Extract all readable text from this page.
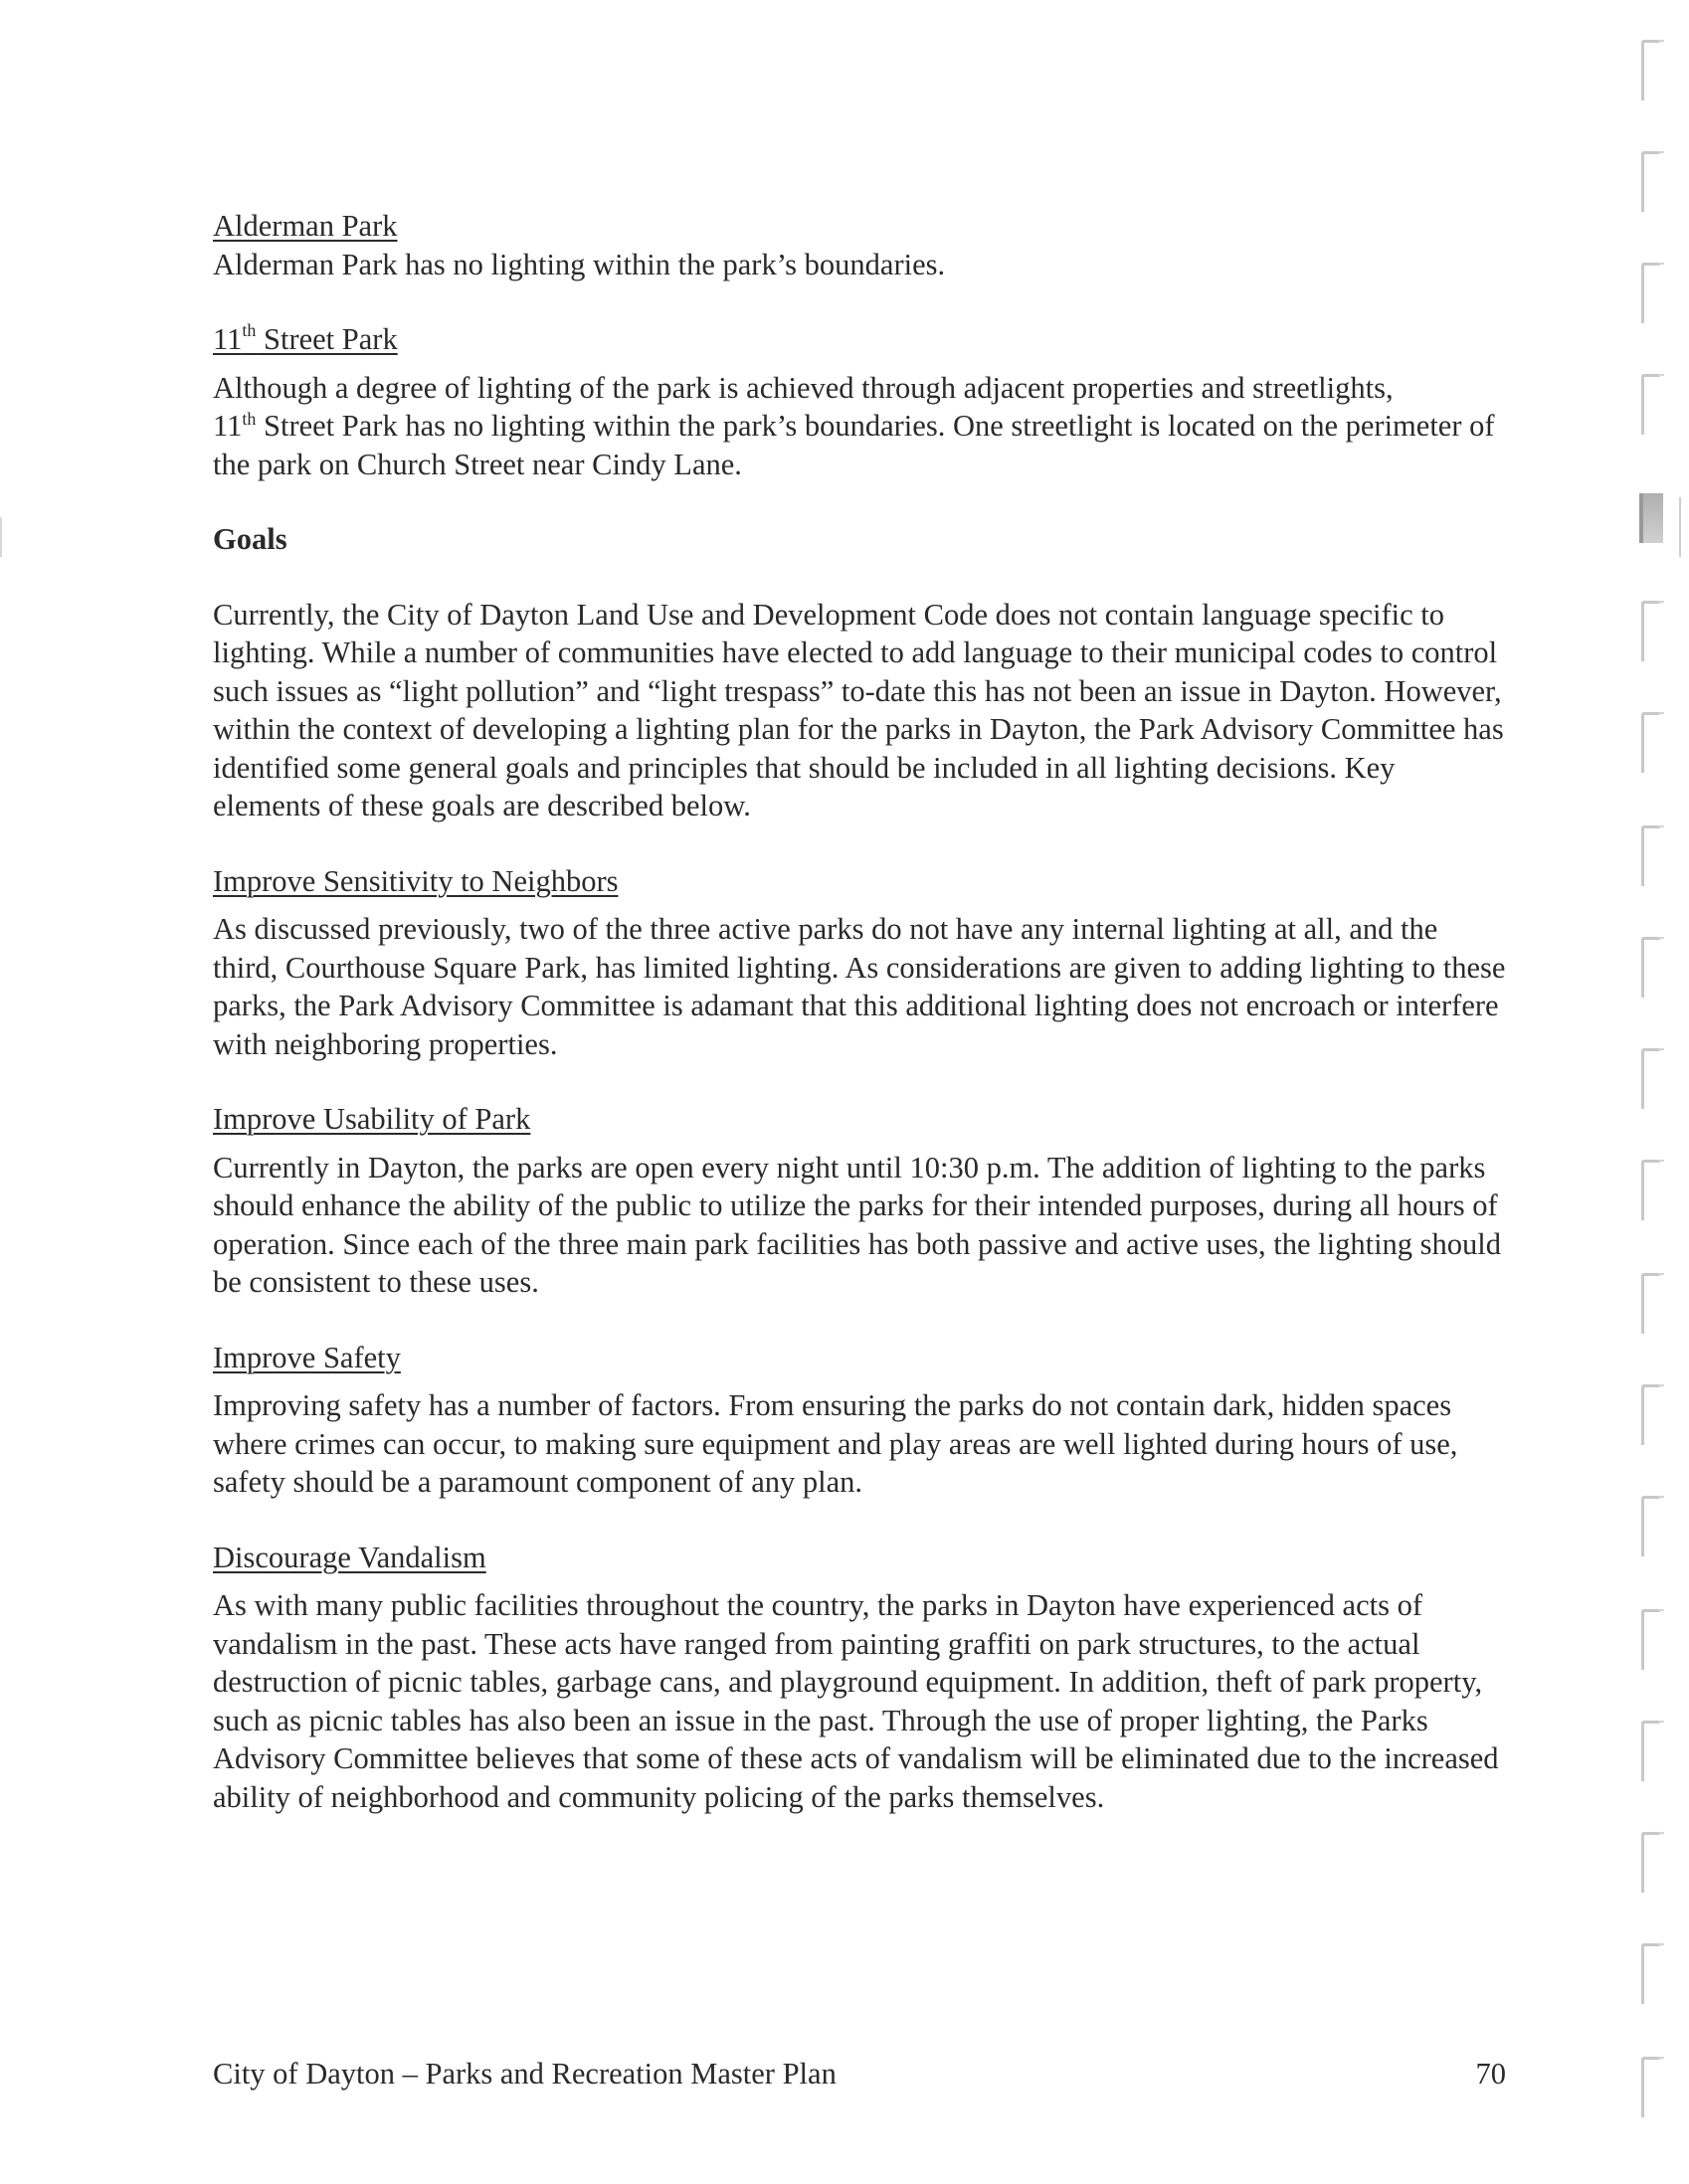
Alderman Park

Alderman Park has no lighting within the park’s boundaries.

11th Street Park

Although a degree of lighting of the park is achieved through adjacent properties and streetlights,
11th Street Park has no lighting within the park’s boundaries. One streetlight is located on the perimeter of the park on Church Street near Cindy Lane.

Goals

Currently, the City of Dayton Land Use and Development Code does not contain language specific to lighting. While a number of communities have elected to add language to their municipal codes to control such issues as “light pollution” and “light trespass” to-date this has not been an issue in Dayton. However, within the context of developing a lighting plan for the parks in Dayton, the Park Advisory Committee has identified some general goals and principles that should be included in all lighting decisions. Key elements of these goals are described below.

Improve Sensitivity to Neighbors

As discussed previously, two of the three active parks do not have any internal lighting at all, and the third, Courthouse Square Park, has limited lighting. As considerations are given to adding lighting to these parks, the Park Advisory Committee is adamant that this additional lighting does not encroach or interfere with neighboring properties.

Improve Usability of Park

Currently in Dayton, the parks are open every night until 10:30 p.m. The addition of lighting to the parks should enhance the ability of the public to utilize the parks for their intended purposes, during all hours of operation. Since each of the three main park facilities has both passive and active uses, the lighting should be consistent to these uses.

Improve Safety

Improving safety has a number of factors. From ensuring the parks do not contain dark, hidden spaces where crimes can occur, to making sure equipment and play areas are well lighted during hours of use, safety should be a paramount component of any plan.

Discourage Vandalism

As with many public facilities throughout the country, the parks in Dayton have experienced acts of vandalism in the past. These acts have ranged from painting graffiti on park structures, to the actual destruction of picnic tables, garbage cans, and playground equipment. In addition, theft of park property, such as picnic tables has also been an issue in the past. Through the use of proper lighting, the Parks Advisory Committee believes that some of these acts of vandalism will be eliminated due to the increased ability of neighborhood and community policing of the parks themselves.

City of Dayton – Parks and Recreation Master Plan	70
